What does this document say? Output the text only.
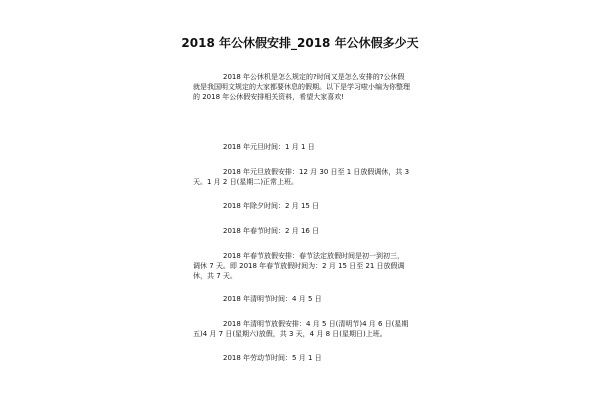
2018 年公休假安排_2018 年公休假多少天
2018 年公休机是怎么规定的?时间又是怎么安排的?公休假就是我国明文规定的大家都要休息的假期。以下是学习啦小编为你整理的 2018 年公休假安排相关资料，希望大家喜欢!
2018 年元旦时间：1 月 1 日
2018 年元旦放假安排：12 月 30 日至 1 日放假调休，共 3 天。1 月 2 日(星期二)正常上班。
2018 年除夕时间：2 月 15 日
2018 年春节时间：2 月 16 日
2018 年春节放假安排：春节法定放假时间是初一到初三，调休 7 天。即 2018 年春节放假时间为：2 月 15 日至 21 日放假调休，共 7 天。
2018 年清明节时间：4 月 5 日
2018 年清明节放假安排：4 月 5 日(清明节)4 月 6 日(星期五)4 月 7 日(星期六)放假，共 3 天，4 月 8 日(星期日)上班。
2018 年劳动节时间：5 月 1 日
